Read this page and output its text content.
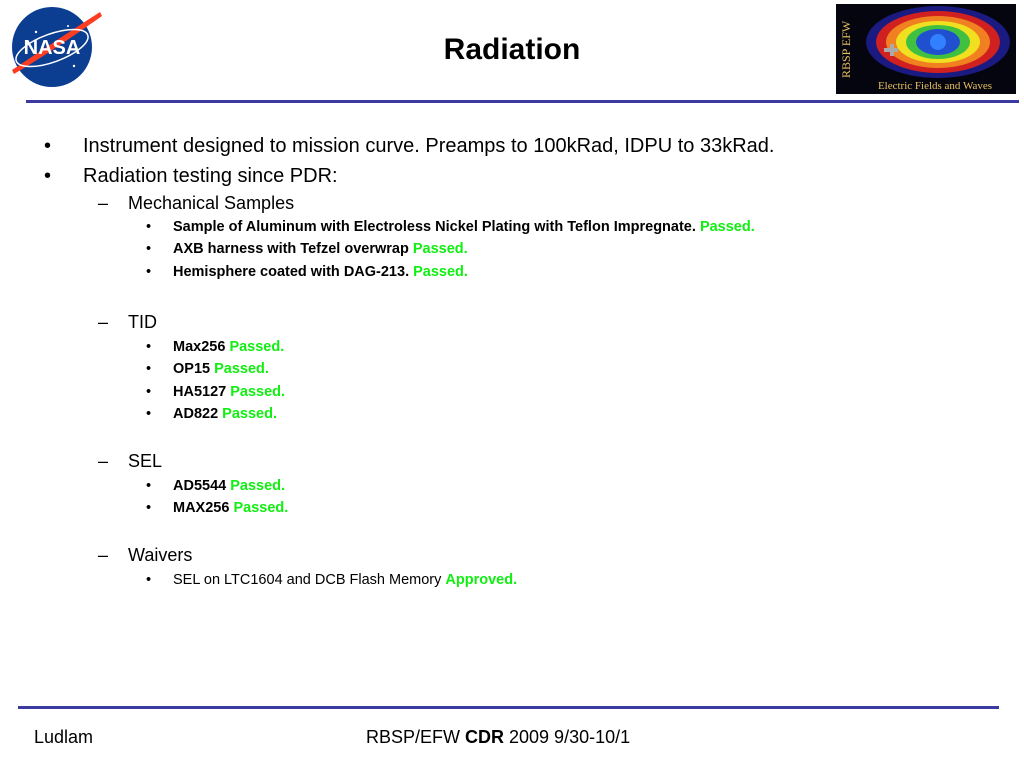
NASA	RBSP EFW
Electric Fields and Waves
Radiation
• Instrument designed to mission curve. Preamps to 100kRad, IDPU to 33kRad.
• Radiation testing since PDR:
– Mechanical Samples
• Sample of Aluminum with Electroless Nickel Plating with Teflon Impregnate. Passed.
• AXB harness with Tefzel overwrap Passed.
• Hemisphere coated with DAG-213. Passed.
– TID
• Max256 Passed.
• OP15 Passed.
• HA5127 Passed.
• AD822 Passed.
– SEL
• AD5544 Passed.
• MAX256 Passed.
– Waivers
• SEL on LTC1604 and DCB Flash Memory Approved.
Ludlam	RBSP/EFW CDR 2009 9/30-10/1
